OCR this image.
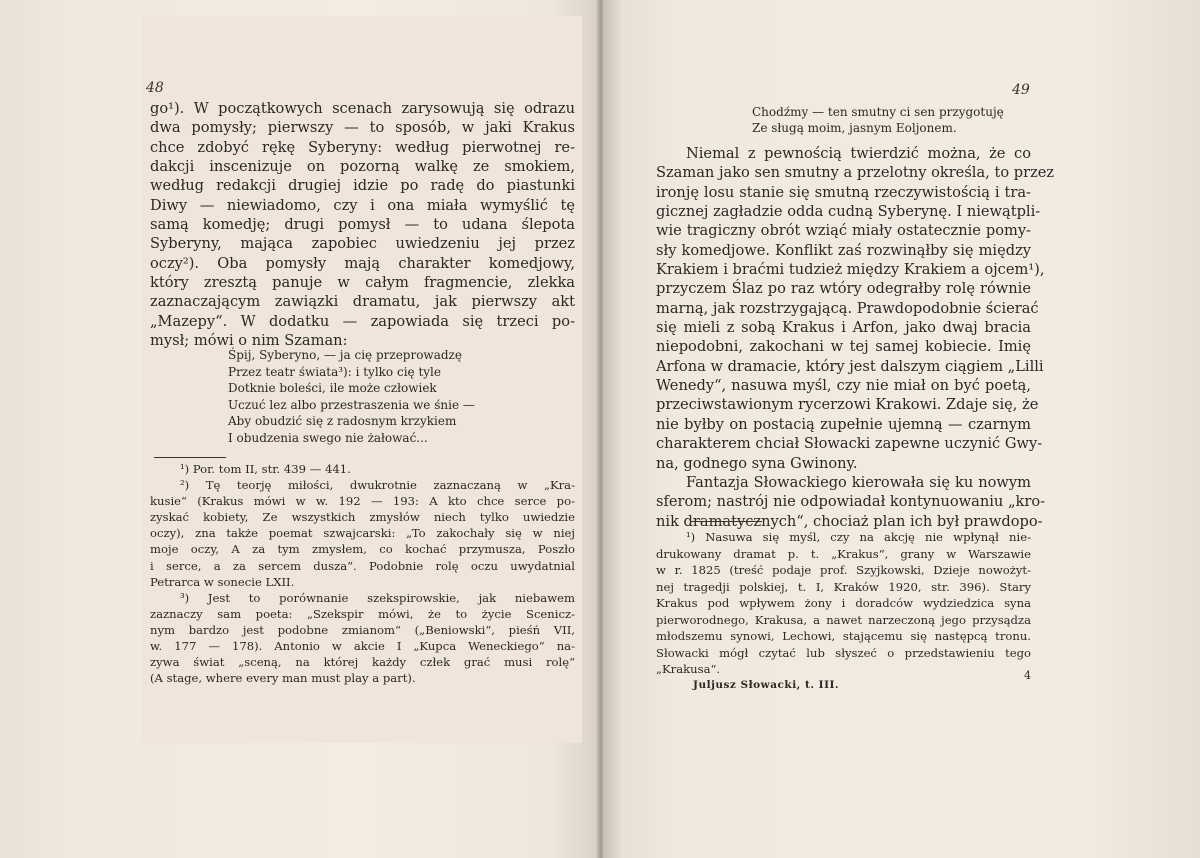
48
go¹). W początkowych scenach zarysowują się odrazu
dwa pomysły; pierwszy — to sposób, w jaki Krakus
chce zdobyć rękę Syberyny: według pierwotnej re-
dakcji inscenizuje on pozorną walkę ze smokiem,
według redakcji drugiej idzie po radę do piastunki
Diwy — niewiadomo, czy i ona miała wymyślić tę
samą komedję; drugi pomysł — to udana ślepota
Syberyny, mająca zapobiec uwiedzeniu jej przez
oczy²). Oba pomysły mają charakter komedjowy,
który zresztą panuje w całym fragmencie, zlekka
zaznaczającym zawiązki dramatu, jak pierwszy akt
„Mazepy“. W dodatku — zapowiada się trzeci po-
mysł; mówi o nim Szaman:
Śpij, Syberyno, — ja cię przeprowadzę
Przez teatr świata³): i tylko cię tyle
Dotknie boleści, ile może człowiek
Uczuć lez albo przestraszenia we śnie —
Aby obudzić się z radosnym krzykiem
I obudzenia swego nie żałować...
¹) Por. tom II, str. 439 — 441.
²) Tę teorję miłości, dwukrotnie zaznaczaną w „Kra-
kusie“ (Krakus mówi w w. 192 — 193: A kto chce serce po-
zyskać kobiety, Ze wszystkich zmysłów niech tylko uwiedzie
oczy), zna także poemat szwajcarski: „To zakochały się w niej
moje oczy, A za tym zmysłem, co kochać przymusza, Poszło
i serce, a za sercem dusza“. Podobnie rolę oczu uwydatnial
Petrarca w sonecie LXII.
³) Jest to porównanie szekspirowskie, jak niebawem
zaznaczy sam poeta: „Szekspir mówi, że to życie Scenicz-
nym bardzo jest podobne zmianom“ („Beniowski“, pieśń VII,
w. 177 — 178). Antonio w akcie I „Kupca Weneckiego“ na-
zywa świat „sceną, na której każdy człek grać musi rolę“
(A stage, where every man must play a part).
49
Chodźmy — ten smutny ci sen przygotuję
Ze sługą moim, jasnym Eoljonem.
Niemal z pewnością twierdzić można, że co
Szaman jako sen smutny a przelotny określa, to przez
ironję losu stanie się smutną rzeczywistością i tra-
gicznej zagładzie odda cudną Syberynę. I niewątpli-
wie tragiczny obrót wziąć miały ostatecznie pomy-
sły komedjowe. Konflikt zaś rozwinąłby się między
Krakiem i braćmi tudzież między Krakiem a ojcem¹),
przyczem Ślaz po raz wtóry odegrałby rolę równie
marną, jak rozstrzygającą. Prawdopodobnie ścierać
się mieli z sobą Krakus i Arfon, jako dwaj bracia
niepodobni, zakochani w tej samej kobiecie. Imię
Arfona w dramacie, który jest dalszym ciągiem „Lilli
Wenedy“, nasuwa myśl, czy nie miał on być poetą,
przeciwstawionym rycerzowi Krakowi. Zdaje się, że
nie byłby on postacią zupełnie ujemną — czarnym
charakterem chciał Słowacki zapewne uczynić Gwy-
na, godnego syna Gwinony.
Fantazja Słowackiego kierowała się ku nowym
sferom; nastrój nie odpowiadał kontynuowaniu „kro-
nik dramatycznych“, chociaż plan ich był prawdopo-
¹) Nasuwa się myśl, czy na akcję nie wpłynął nie-
drukowany dramat p. t. „Krakus“, grany w Warszawie
w r. 1825 (treść podaje prof. Szyjkowski, Dzieje nowożyt-
nej tragedji polskiej, t. I, Kraków 1920, str. 396). Stary
Krakus pod wpływem żony i doradców wydziedzica syna
pierworodnego, Krakusa, a nawet narzeczoną jego przysądza
młodszemu synowi, Lechowi, stającemu się następcą tronu.
Słowacki mógł czytać lub słyszeć o przedstawieniu tego
„Krakusa“.
Juljusz Słowacki, t. III.
4
